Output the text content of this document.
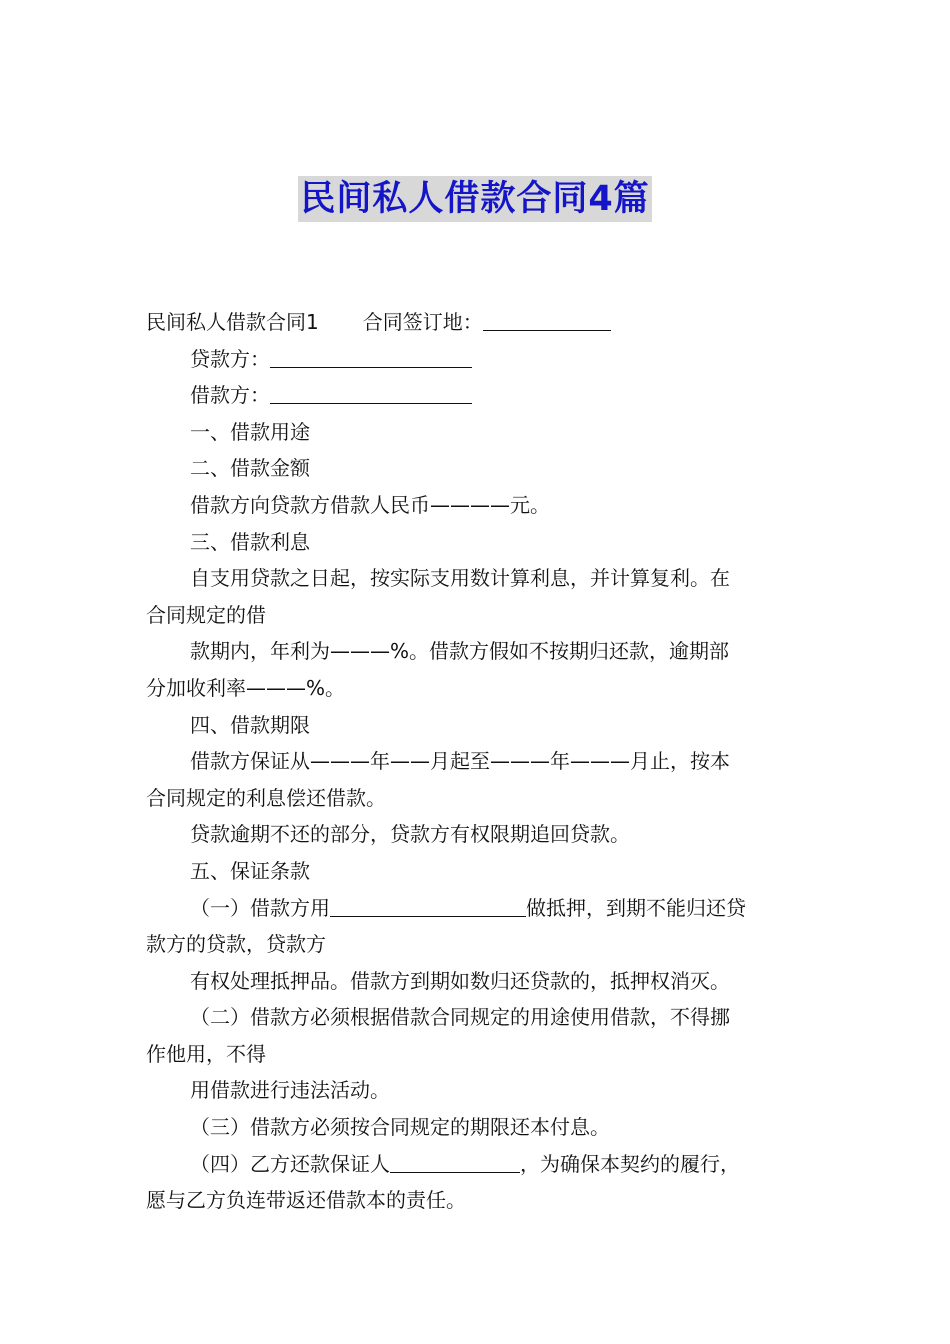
民间私人借款合同4篇
民间私人借款合同1 合同签订地：
贷款方：
借款方：
一、借款用途
二、借款金额
借款方向贷款方借款人民币————元。
三、借款利息
自支用贷款之日起，按实际支用数计算利息，并计算复利。在
合同规定的借
款期内，年利为———%。借款方假如不按期归还款，逾期部
分加收利率———%。
四、借款期限
借款方保证从———年——月起至———年———月止，按本
合同规定的利息偿还借款。
贷款逾期不还的部分，贷款方有权限期追回贷款。
五、保证条款
（一）借款方用	做抵押，到期不能归还贷
款方的贷款，贷款方
有权处理抵押品。借款方到期如数归还贷款的，抵押权消灭。
（二）借款方必须根据借款合同规定的用途使用借款，不得挪
作他用，不得
用借款进行违法活动。
（三）借款方必须按合同规定的期限还本付息。
（四）乙方还款保证人	，为确保本契约的履行，
愿与乙方负连带返还借款本的责任。
